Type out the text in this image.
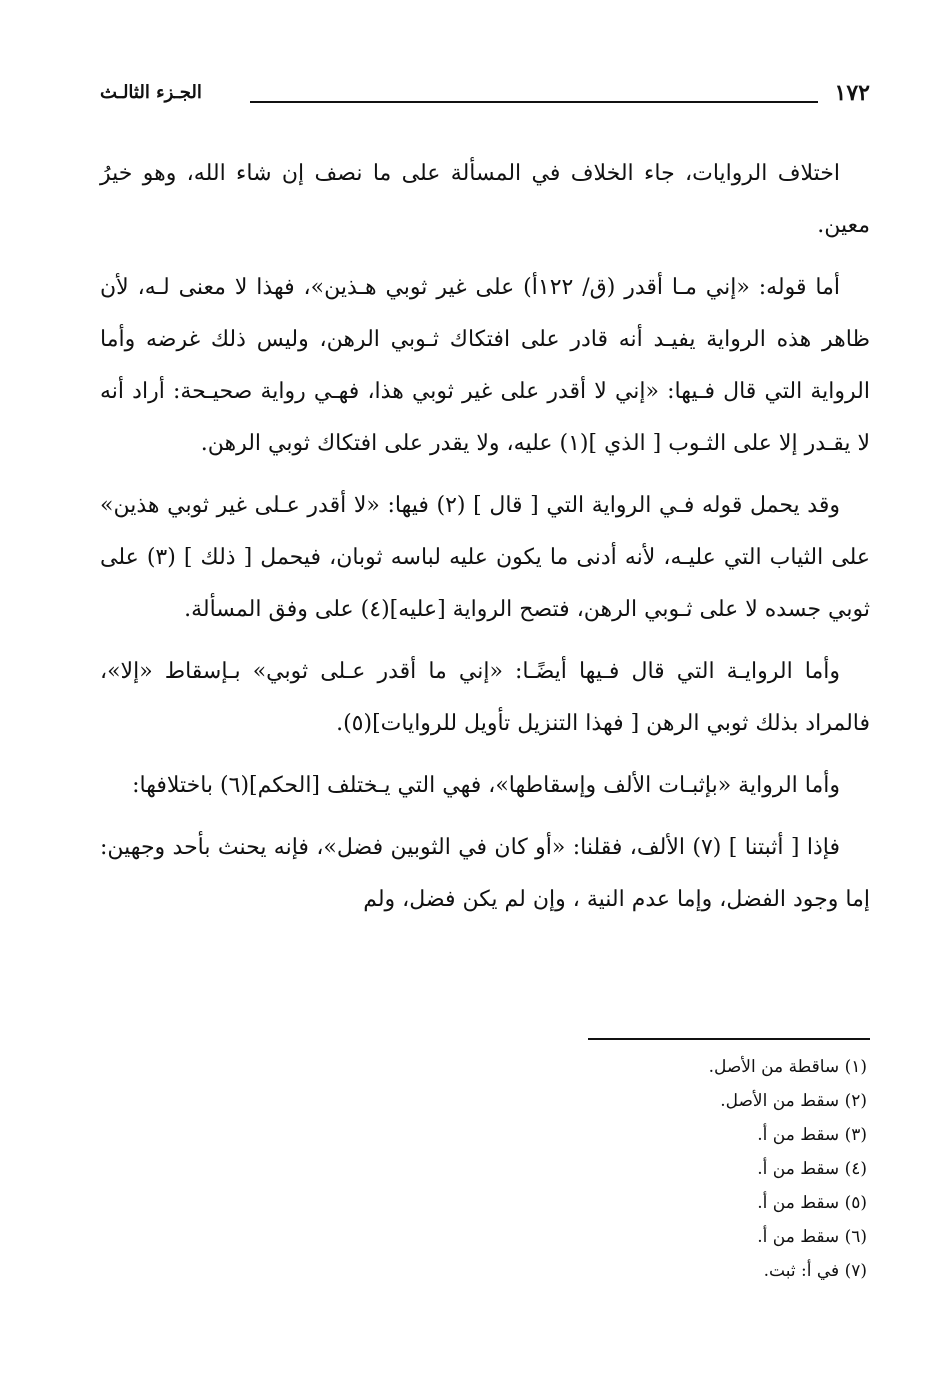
١٧٢
الجـزء الثالـث

اختلاف الروايات، جاء الخلاف في المسألة على ما نصف إن شاء الله، وهو خيرُ معين.

أما قوله: «إني مـا أقدر (ق/ ١٢٢أ) على غير ثوبي هـذين»، فهذا لا معنى لـه، لأن ظاهر هذه الرواية يفيـد أنه قادر على افتكاك ثـوبي الرهن، وليس ذلك غرضه وأما الرواية التي قال فـيها: «إني لا أقدر على غير ثوبي هذا، فهـي رواية صحيـحة: أراد أنه لا يقـدر إلا على الثـوب [ الذي ](١) عليه، ولا يقدر على افتكاك ثوبي الرهن.

وقد يحمل قوله فـي الرواية التي [ قال ] (٢) فيها: «لا أقدر عـلى غير ثوبي هذين» على الثياب التي عليـه، لأنه أدنى ما يكون عليه لباسه ثوبان، فيحمل [ ذلك ] (٣) على ثوبي جسده لا على ثـوبي الرهن، فتصح الرواية [عليه](٤) على وفق المسألة.

وأما الروايـة التي قال فـيها أيضًـا: «إني ما أقدر عـلى ثوبي» بـإسقاط «إلا»، فالمراد بذلك ثوبي الرهن [ فهذا التنزيل تأويل للروايات](٥).

وأما الرواية «بإثبـات الألف وإسقاطها»، فهي التي يـختلف [الحكم](٦) باختلافها:

فإذا [ أثبتنا ] (٧) الألف، فقلنا: «أو كان في الثوبين فضل»، فإنه يحنث بأحد وجهين: إما وجود الفضل، وإما عدم النية ، وإن لم يكن فضل، ولم

(١) ساقطة من الأصل.
(٢) سقط من الأصل.
(٣) سقط من أ.
(٤) سقط من أ.
(٥) سقط من أ.
(٦) سقط من أ.
(٧) في أ: ثبت.
